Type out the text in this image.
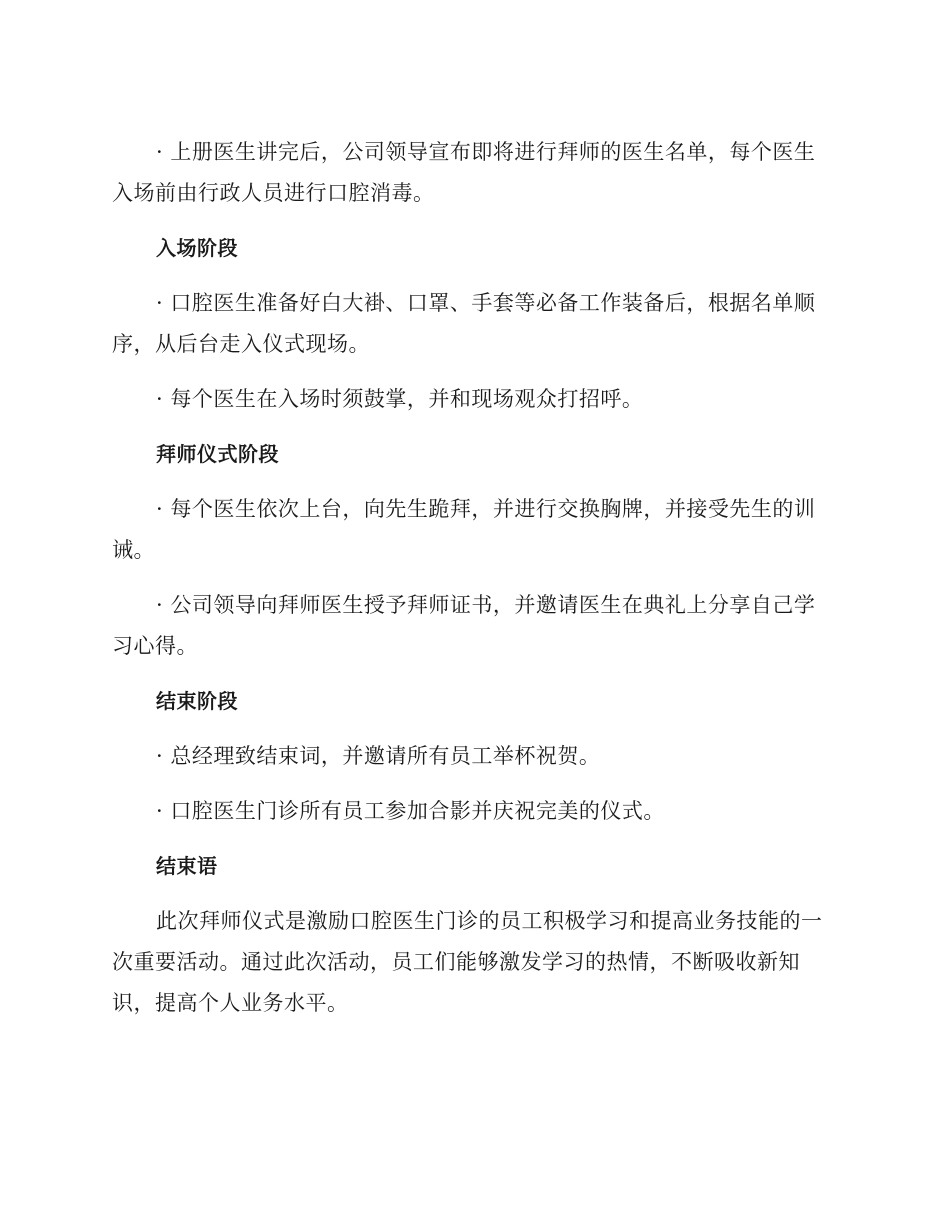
· 上册医生讲完后，公司领导宣布即将进行拜师的医生名单，每个医生入场前由行政人员进行口腔消毒。

入场阶段

· 口腔医生准备好白大褂、口罩、手套等必备工作装备后，根据名单顺序，从后台走入仪式现场。

· 每个医生在入场时须鼓掌，并和现场观众打招呼。

拜师仪式阶段

· 每个医生依次上台，向先生跪拜，并进行交换胸牌，并接受先生的训诫。

· 公司领导向拜师医生授予拜师证书，并邀请医生在典礼上分享自己学习心得。

结束阶段

· 总经理致结束词，并邀请所有员工举杯祝贺。

· 口腔医生门诊所有员工参加合影并庆祝完美的仪式。

结束语

此次拜师仪式是激励口腔医生门诊的员工积极学习和提高业务技能的一次重要活动。通过此次活动，员工们能够激发学习的热情，不断吸收新知识，提高个人业务水平。
